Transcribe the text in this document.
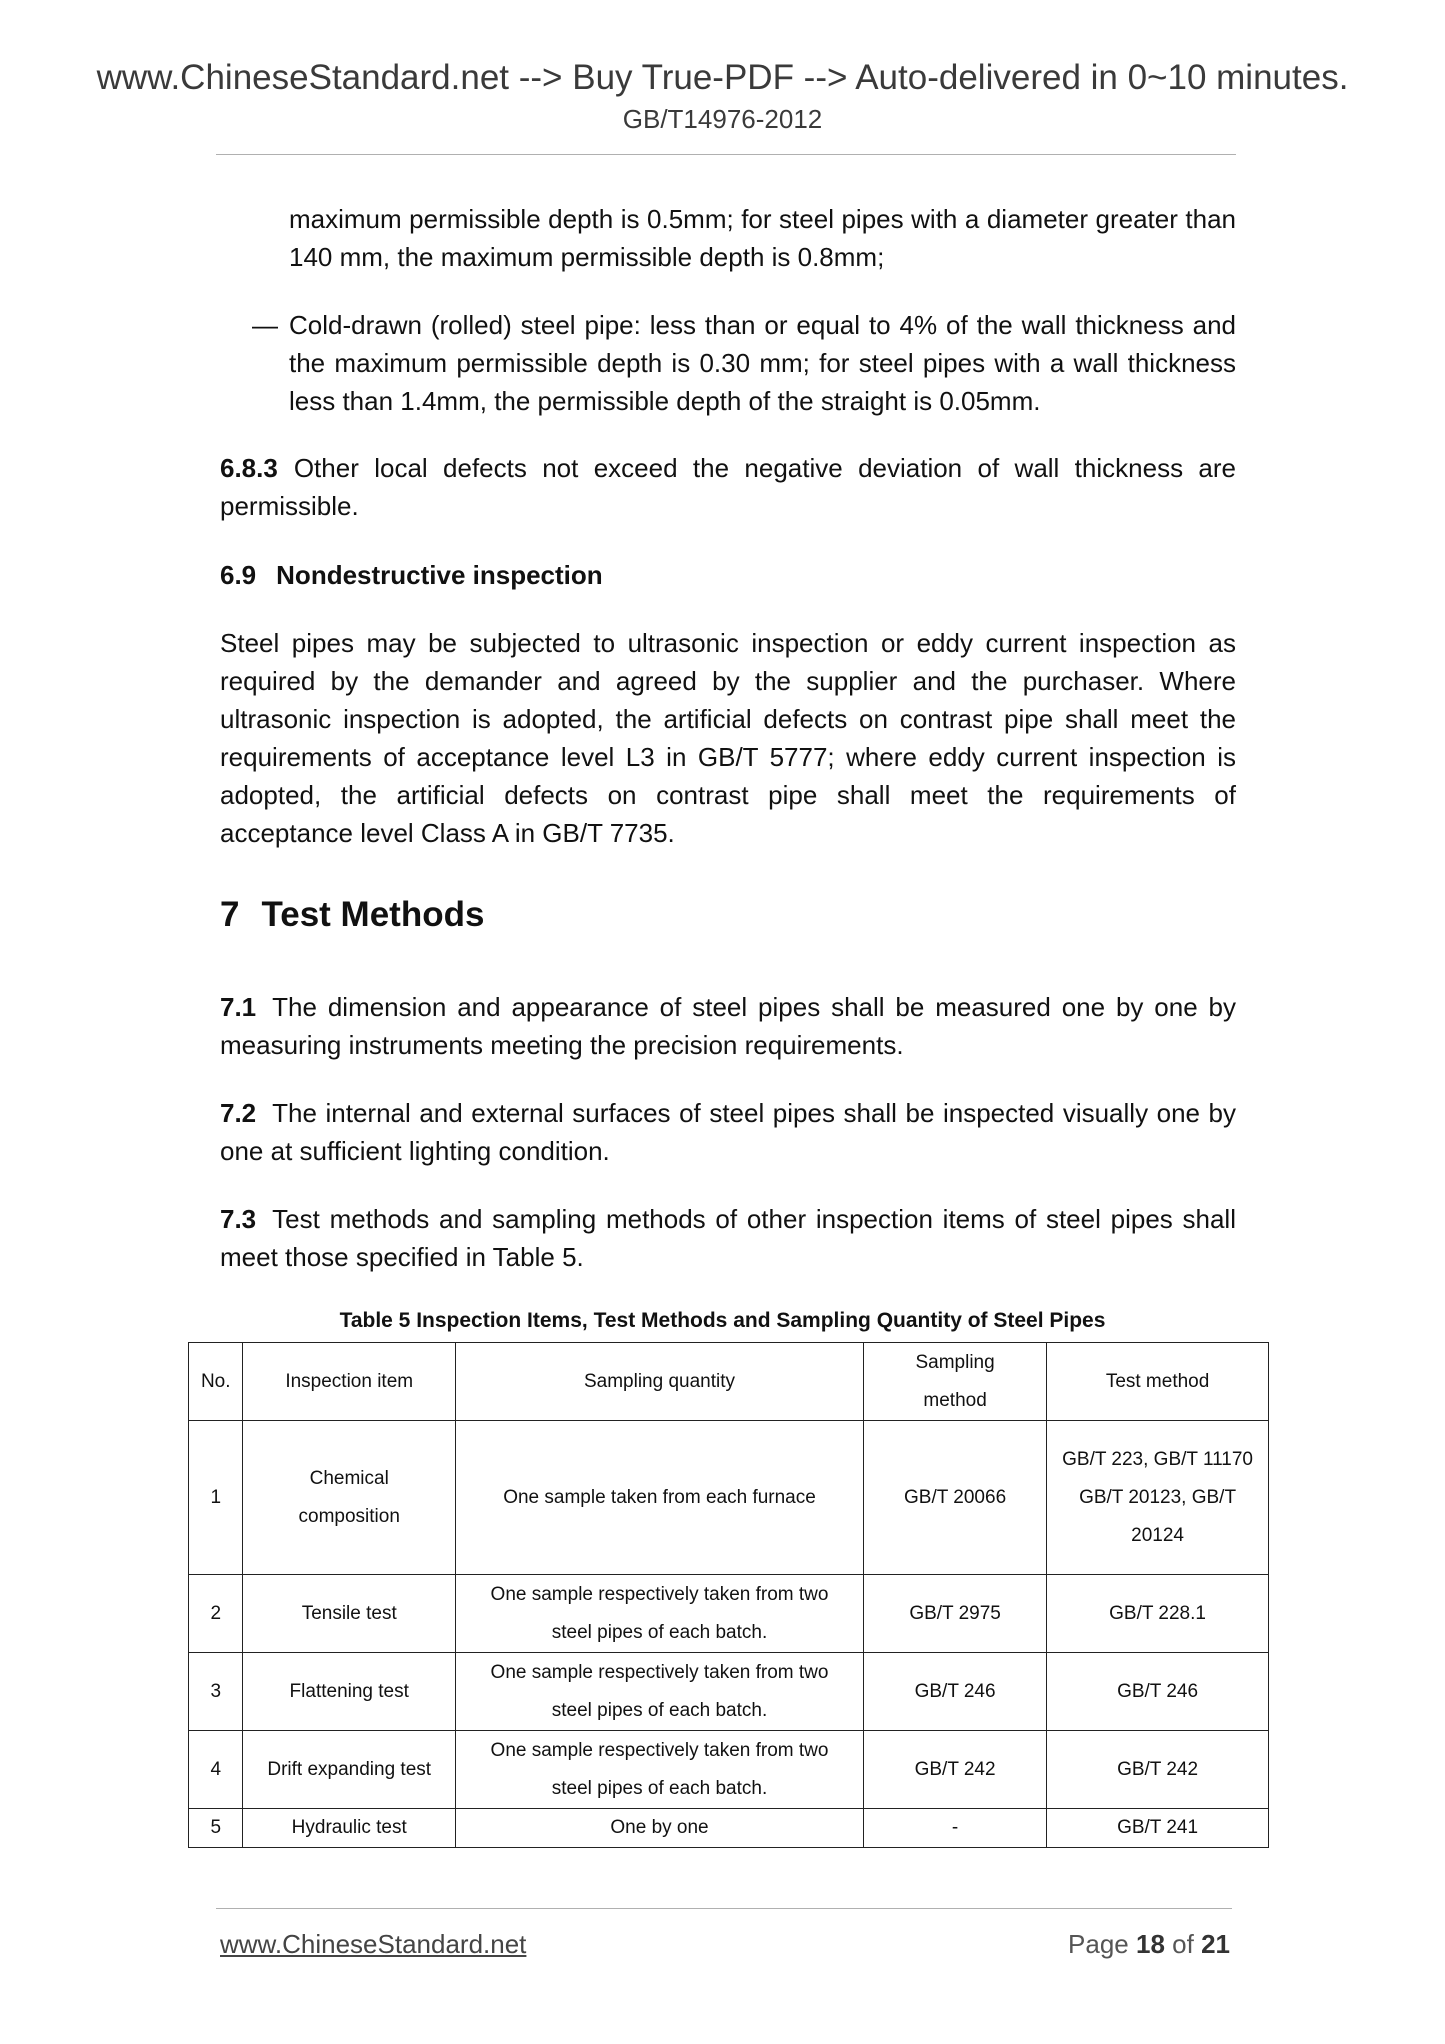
www.ChineseStandard.net --> Buy True-PDF --> Auto-delivered in 0~10 minutes.
GB/T14976-2012
maximum permissible depth is 0.5mm; for steel pipes with a diameter greater than 140 mm, the maximum permissible depth is 0.8mm;
— Cold-drawn (rolled) steel pipe: less than or equal to 4% of the wall thickness and the maximum permissible depth is 0.30 mm; for steel pipes with a wall thickness less than 1.4mm, the permissible depth of the straight is 0.05mm.
6.8.3 Other local defects not exceed the negative deviation of wall thickness are permissible.
6.9 Nondestructive inspection
Steel pipes may be subjected to ultrasonic inspection or eddy current inspection as required by the demander and agreed by the supplier and the purchaser. Where ultrasonic inspection is adopted, the artificial defects on contrast pipe shall meet the requirements of acceptance level L3 in GB/T 5777; where eddy current inspection is adopted, the artificial defects on contrast pipe shall meet the requirements of acceptance level Class A in GB/T 7735.
7 Test Methods
7.1 The dimension and appearance of steel pipes shall be measured one by one by measuring instruments meeting the precision requirements.
7.2 The internal and external surfaces of steel pipes shall be inspected visually one by one at sufficient lighting condition.
7.3 Test methods and sampling methods of other inspection items of steel pipes shall meet those specified in Table 5.
Table 5 Inspection Items, Test Methods and Sampling Quantity of Steel Pipes
No.	Inspection item	Sampling quantity	Sampling method	Test method
1	Chemical composition	One sample taken from each furnace	GB/T 20066	GB/T 223, GB/T 11170 GB/T 20123, GB/T 20124
2	Tensile test	One sample respectively taken from two steel pipes of each batch.	GB/T 2975	GB/T 228.1
3	Flattening test	One sample respectively taken from two steel pipes of each batch.	GB/T 246	GB/T 246
4	Drift expanding test	One sample respectively taken from two steel pipes of each batch.	GB/T 242	GB/T 242
5	Hydraulic test	One by one	-	GB/T 241
www.ChineseStandard.net	Page 18 of 21
